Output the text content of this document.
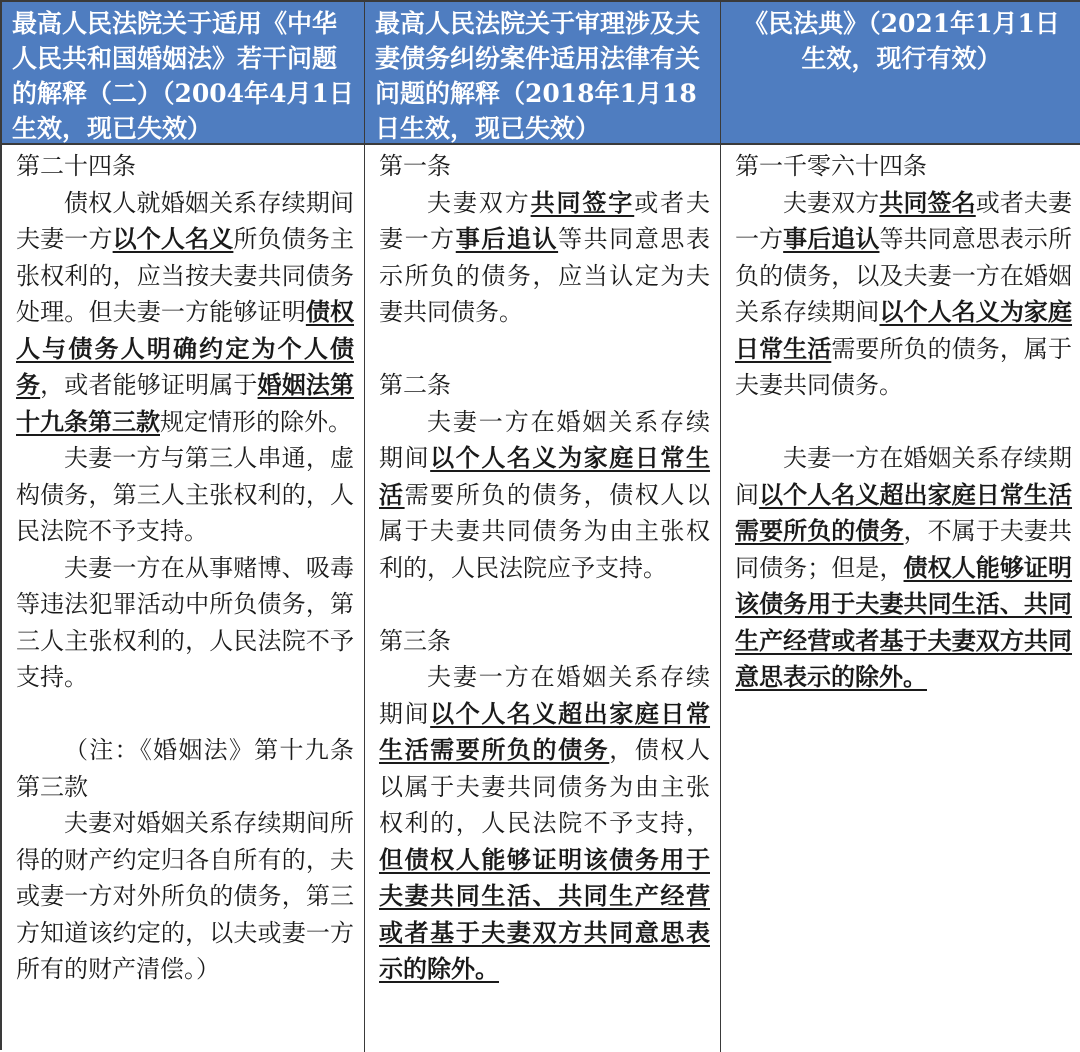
最高人民法院关于适用《中华人民共和国婚姻法》若干问题的解释（二）（2004年4月1日生效，现已失效）
最高人民法院关于审理涉及夫妻债务纠纷案件适用法律有关问题的解释（2018年1月18日生效，现已失效）
《民法典》（2021年1月1日生效，现行有效）

第二十四条

债权人就婚姻关系存续期间夫妻一方以个人名义所负债务主张权利的，应当按夫妻共同债务处理。但夫妻一方能够证明债权人与债务人明确约定为个人债务，或者能够证明属于婚姻法第十九条第三款规定情形的除外。

夫妻一方与第三人串通，虚构债务，第三人主张权利的，人民法院不予支持。

夫妻一方在从事赌博、吸毒等违法犯罪活动中所负债务，第三人主张权利的，人民法院不予支持。

（注：《婚姻法》第十九条第三款

夫妻对婚姻关系存续期间所得的财产约定归各自所有的，夫或妻一方对外所负的债务，第三方知道该约定的，以夫或妻一方所有的财产清偿。）

第一条

夫妻双方共同签字或者夫妻一方事后追认等共同意思表示所负的债务，应当认定为夫妻共同债务。

第二条

夫妻一方在婚姻关系存续期间以个人名义为家庭日常生活需要所负的债务，债权人以属于夫妻共同债务为由主张权利的，人民法院应予支持。

第三条

夫妻一方在婚姻关系存续期间以个人名义超出家庭日常生活需要所负的债务，债权人以属于夫妻共同债务为由主张权利的，人民法院不予支持，但债权人能够证明该债务用于夫妻共同生活、共同生产经营或者基于夫妻双方共同意思表示的除外。

第一千零六十四条

夫妻双方共同签名或者夫妻一方事后追认等共同意思表示所负的债务，以及夫妻一方在婚姻关系存续期间以个人名义为家庭日常生活需要所负的债务，属于夫妻共同债务。

夫妻一方在婚姻关系存续期间以个人名义超出家庭日常生活需要所负的债务，不属于夫妻共同债务；但是，债权人能够证明该债务用于夫妻共同生活、共同生产经营或者基于夫妻双方共同意思表示的除外。
